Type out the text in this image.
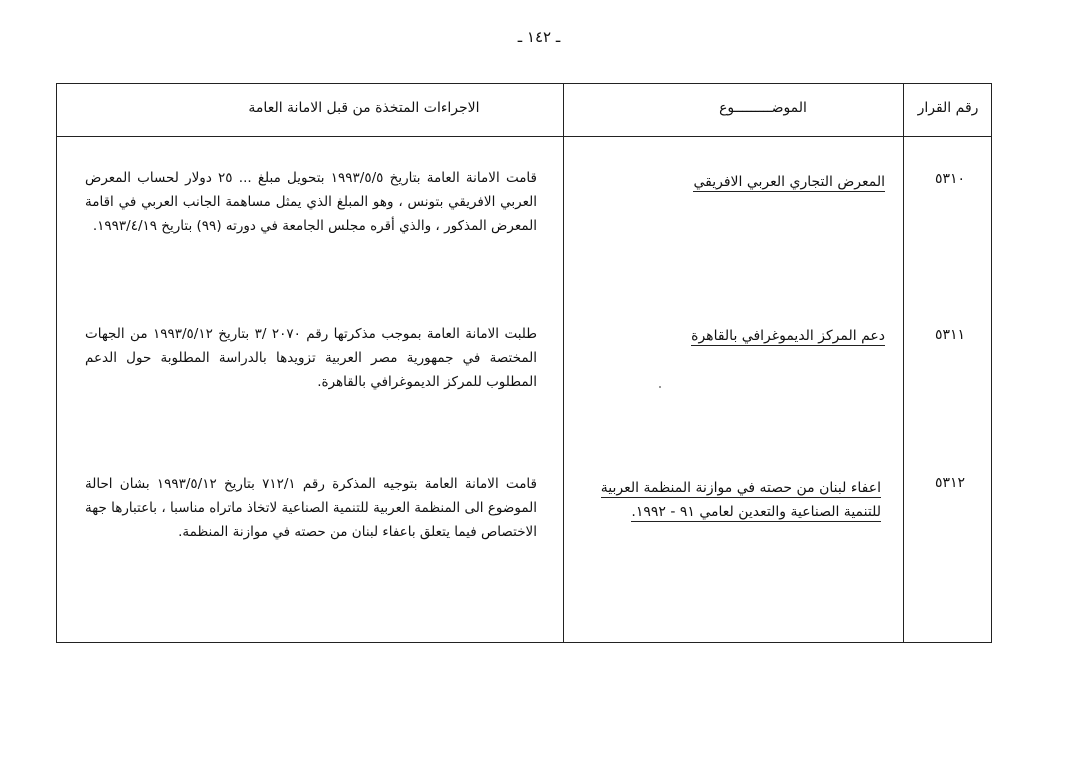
ـ ١٤٢ ـ
رقم القرار
الموضـــــــــوع
الاجراءات المتخذة من قبل الامانة العامة
٥٣١٠
المعرض التجاري العربي الافريقي
قامت الامانة العامة بتاريخ ١٩٩٣/٥/٥ بتحويل مبلغ ... ٢٥ دولار لحساب المعرض العربي الافريقي بتونس ، وهو المبلغ الذي يمثل مساهمة الجانب العربي في اقامة المعرض المذكور ، والذي أقره مجلس الجامعة في دورته (٩٩) بتاريخ ١٩٩٣/٤/١٩.
٥٣١١
دعم المركز الديموغرافي بالقاهرة
طلبت الامانة العامة بموجب مذكرتها رقم ٢٠٧٠ /٣ بتاريخ ١٩٩٣/٥/١٢ من الجهات المختصة في جمهورية مصر العربية تزويدها بالدراسة المطلوبة حول الدعم المطلوب للمركز الديموغرافي بالقاهرة.
٥٣١٢
اعفاء لبنان من حصته في موازنة المنظمة العربية للتنمية الصناعية والتعدين لعامي ٩١ - ١٩٩٢.
قامت الامانة العامة بتوجيه المذكرة رقم ٧١٢/١ بتاريخ ١٩٩٣/٥/١٢ بشان احالة الموضوع الى المنظمة العربية للتنمية الصناعية لاتخاذ ماتراه مناسبا ، باعتبارها جهة الاختصاص فيما يتعلق باعفاء لبنان من حصته في موازنة المنظمة.
